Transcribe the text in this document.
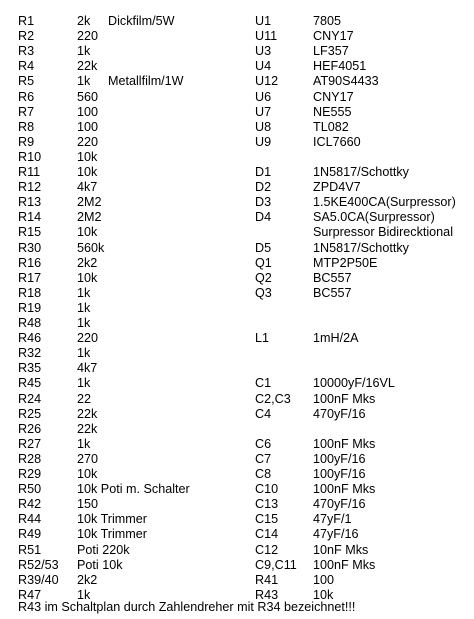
R1	2k Dickfilm/5W
R2	220
R3	1k
R4	22k
R5	1k Metallfilm/1W
R6	560
R7	100
R8	100
R9	220
R10	10k
R11	10k
R12	4k7
R13	2M2
R14	2M2
R15	10k
R30	560k
R16	2k2
R17	10k
R18	1k
R19	1k
R48	1k
R46	220
R32	1k
R35	4k7
R45	1k
R24	22
R25	22k
R26	22k
R27	1k
R28	270
R29	10k
R50	10k Poti m. Schalter
R42	150
R44	10k Trimmer
R49	10k Trimmer
R51	Poti 220k
R52/53 Poti 10k
R39/40 2k2
R47	1k
U1	7805
U11	CNY17
U3	LF357
U4	HEF4051
U12	AT90S4433
U6	CNY17
U7	NE555
U8	TL082
U9	ICL7660
D1	1N5817/Schottky
D2	ZPD4V7
D3	1.5KE400CA(Surpressor)
D4	SA5.0CA(Surpressor)
Surpressor Bidirecktional
D5	1N5817/Schottky
Q1	MTP2P50E
Q2	BC557
Q3	BC557
L1	1mH/2A
C1	10000yF/16VL
C2,C3 100nF Mks
C4	470yF/16
C6	100nF Mks
C7	100yF/16
C8	100yF/16
C10	100nF Mks
C13	470yF/16
C15	47yF/1
C14	47yF/16
C12	10nF Mks
C9,C11 100nF Mks
R41	100
R43	10k
R43 im Schaltplan durch Zahlendreher mit R34 bezeichnet!!!
